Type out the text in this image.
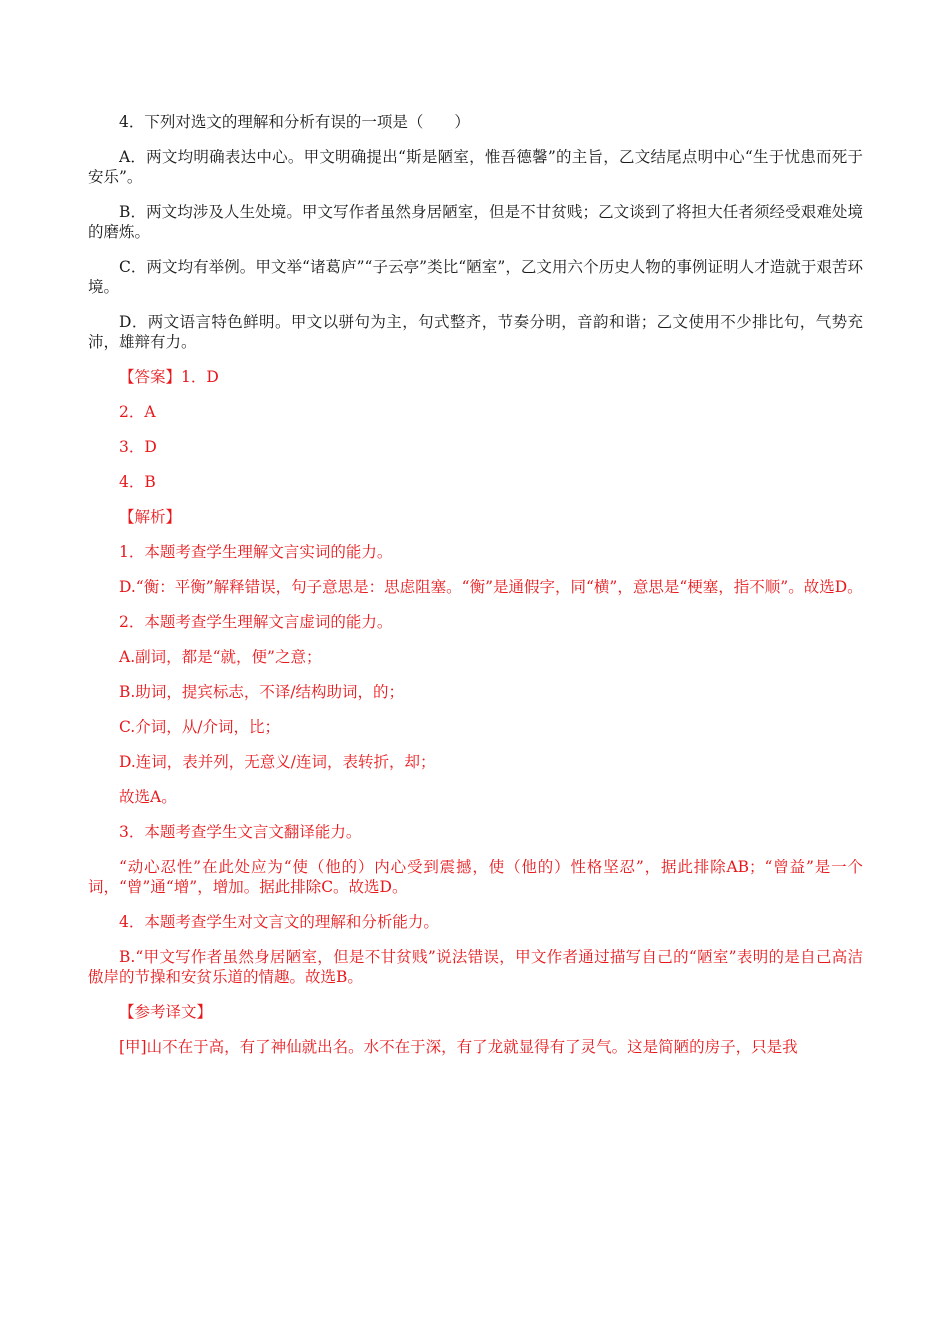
4．下列对选文的理解和分析有误的一项是（　　）

A．两文均明确表达中心。甲文明确提出“斯是陋室，惟吾德馨”的主旨，乙文结尾点明中心“生于忧患而死于安乐”。

B．两文均涉及人生处境。甲文写作者虽然身居陋室，但是不甘贫贱；乙文谈到了将担大任者须经受艰难处境的磨炼。

C．两文均有举例。甲文举“诸葛庐”“子云亭”类比“陋室”，乙文用六个历史人物的事例证明人才造就于艰苦环境。

D．两文语言特色鲜明。甲文以骈句为主，句式整齐，节奏分明，音韵和谐；乙文使用不少排比句，气势充沛，雄辩有力。

【答案】1．D

2．A

3．D

4．B

【解析】

1．本题考查学生理解文言实词的能力。

D.“衡：平衡”解释错误，句子意思是：思虑阻塞。“衡”是通假字，同“横”，意思是“梗塞，指不顺”。故选D。

2．本题考查学生理解文言虚词的能力。

A.副词，都是“就，便”之意；

B.助词，提宾标志，不译/结构助词，的；

C.介词，从/介词，比；

D.连词，表并列，无意义/连词，表转折，却；

故选A。

3．本题考查学生文言文翻译能力。

“动心忍性”在此处应为“使（他的）内心受到震撼，使（他的）性格坚忍”，据此排除AB；“曾益”是一个词，“曾”通“增”，增加。据此排除C。故选D。

4．本题考查学生对文言文的理解和分析能力。

B.“甲文写作者虽然身居陋室，但是不甘贫贱”说法错误，甲文作者通过描写自己的“陋室”表明的是自己高洁傲岸的节操和安贫乐道的情趣。故选B。

【参考译文】

[甲]山不在于高，有了神仙就出名。水不在于深，有了龙就显得有了灵气。这是简陋的房子，只是我
